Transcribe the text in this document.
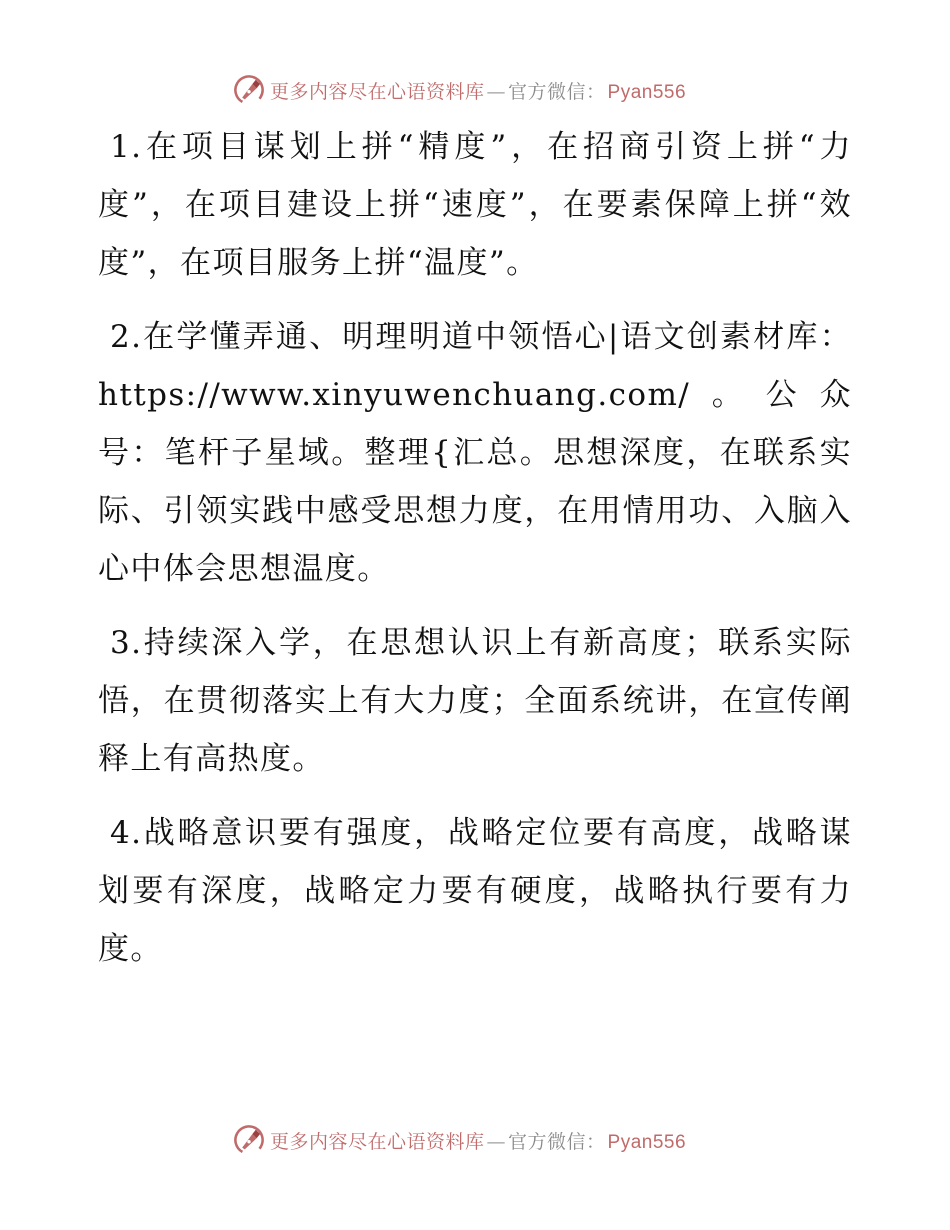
更多内容尽在心语资料库 — 官方微信： Pyan556

1.在项目谋划上拼“精度”，在招商引资上拼“力度”，在项目建设上拼“速度”，在要素保障上拼“效度”，在项目服务上拼“温度”。

2.在学懂弄通、明理明道中领悟心|语文创素材库：https://www.xinyuwenchuang.com/。公众号：笔杆子星域。整理{汇总。思想深度，在联系实际、引领实践中感受思想力度，在用情用功、入脑入心中体会思想温度。

3.持续深入学，在思想认识上有新高度；联系实际悟，在贯彻落实上有大力度；全面系统讲，在宣传阐释上有高热度。

4.战略意识要有强度，战略定位要有高度，战略谋划要有深度，战略定力要有硬度，战略执行要有力度。

更多内容尽在心语资料库 — 官方微信： Pyan556
